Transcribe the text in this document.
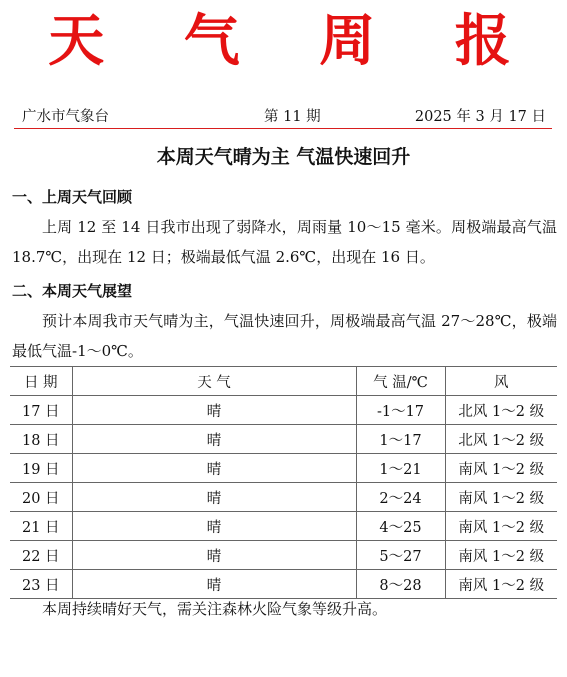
天 气 周 报
广水市气象台	第 11 期	2025 年 3 月 17 日
本周天气晴为主 气温快速回升
一、上周天气回顾
上周 12 至 14 日我市出现了弱降水，周雨量 10～15 毫米。周极端最高气温 18.7℃，出现在 12 日；极端最低气温 2.6℃，出现在 16 日。
二、本周天气展望
预计本周我市天气晴为主，气温快速回升，周极端最高气温 27～28℃，极端最低气温-1～0℃。
日 期	天 气	气 温/℃	风
17 日	晴	-1～17	北风 1～2 级
18 日	晴	1～17	北风 1～2 级
19 日	晴	1～21	南风 1～2 级
20 日	晴	2～24	南风 1～2 级
21 日	晴	4～25	南风 1～2 级
22 日	晴	5～27	南风 1～2 级
23 日	晴	8～28	南风 1～2 级
本周持续晴好天气，需关注森林火险气象等级升高。
